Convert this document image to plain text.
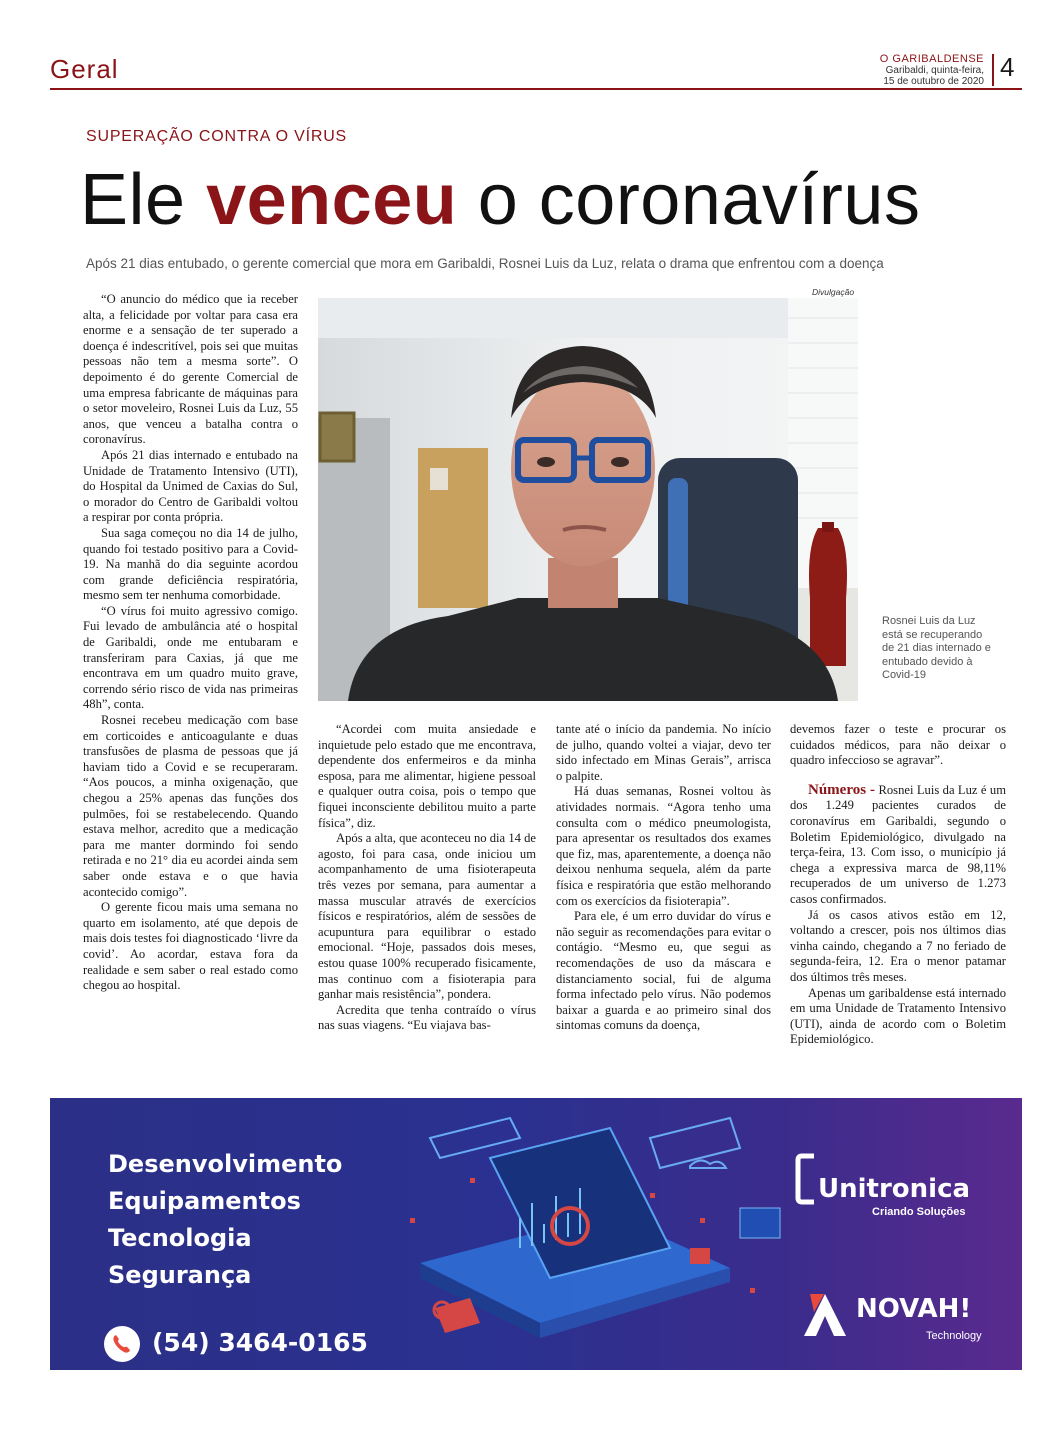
Geral	O GARIBALDENSE
Garibaldi, quinta-feira,
15 de outubro de 2020 4
SUPERAÇÃO CONTRA O VÍRUS
Ele venceu o coronavírus
Após 21 dias entubado, o gerente comercial que mora em Garibaldi, Rosnei Luis da Luz, relata o drama que enfrentou com a doença
Divulgação
Rosnei Luis da Luz está se recuperando de 21 dias internado e entubado devido à Covid-19

“O anuncio do médico que ia receber alta, a felicidade por voltar para casa era enorme e a sensação de ter superado a doença é indescritível, pois sei que muitas pessoas não tem a mesma sorte”. O depoimento é do gerente Comercial de uma empresa fabricante de máquinas para o setor moveleiro, Rosnei Luis da Luz, 55 anos, que venceu a batalha contra o coronavírus.

Após 21 dias internado e entubado na Unidade de Tratamento Intensivo (UTI), do Hospital da Unimed de Caxias do Sul, o morador do Centro de Garibaldi voltou a respirar por conta própria.

Sua saga começou no dia 14 de julho, quando foi testado positivo para a Covid-19. Na manhã do dia seguinte acordou com grande deficiência respiratória, mesmo sem ter nenhuma comorbidade.

“O vírus foi muito agressivo comigo. Fui levado de ambulância até o hospital de Garibaldi, onde me entubaram e transferiram para Caxias, já que me encontrava em um quadro muito grave, correndo sério risco de vida nas primeiras 48h”, conta.

Rosnei recebeu medicação com base em corticoides e anticoagulante e duas transfusões de plasma de pessoas que já haviam tido a Covid e se recuperaram. “Aos poucos, a minha oxigenação, que chegou a 25% apenas das funções dos pulmões, foi se restabelecendo. Quando estava melhor, acredito que a medicação para me manter dormindo foi sendo retirada e no 21° dia eu acordei ainda sem saber onde estava e o que havia acontecido comigo”.

O gerente ficou mais uma semana no quarto em isolamento, até que depois de mais dois testes foi diagnosticado ‘livre da covid’. Ao acordar, estava fora da realidade e sem saber o real estado como chegou ao hospital.

“Acordei com muita ansiedade e inquietude pelo estado que me encontrava, dependente dos enfermeiros e da minha esposa, para me alimentar, higiene pessoal e qualquer outra coisa, pois o tempo que fiquei inconsciente debilitou muito a parte física”, diz.

Após a alta, que aconteceu no dia 14 de agosto, foi para casa, onde iniciou um acompanhamento de uma fisioterapeuta três vezes por semana, para aumentar a massa muscular através de exercícios físicos e respiratórios, além de sessões de acupuntura para equilibrar o estado emocional. “Hoje, passados dois meses, estou quase 100% recuperado fisicamente, mas continuo com a fisioterapia para ganhar mais resistência”, pondera.

Acredita que tenha contraído o vírus nas suas viagens. “Eu viajava bas-

tante até o início da pandemia. No início de julho, quando voltei a viajar, devo ter sido infectado em Minas Gerais”, arrisca o palpite.

Há duas semanas, Rosnei voltou às atividades normais. “Agora tenho uma consulta com o médico pneumologista, para apresentar os resultados dos exames que fiz, mas, aparentemente, a doença não deixou nenhuma sequela, além da parte física e respiratória que estão melhorando com os exercícios da fisioterapia”.

Para ele, é um erro duvidar do vírus e não seguir as recomendações para evitar o contágio. “Mesmo eu, que segui as recomendações de uso da máscara e distanciamento social, fui de alguma forma infectado pelo vírus. Não podemos baixar a guarda e ao primeiro sinal dos sintomas comuns da doença,

devemos fazer o teste e procurar os cuidados médicos, para não deixar o quadro infeccioso se agravar”.

Números - Rosnei Luis da Luz é um dos 1.249 pacientes curados de coronavírus em Garibaldi, segundo o Boletim Epidemiológico, divulgado na terça-feira, 13. Com isso, o município já chega a expressiva marca de 98,11% recuperados de um universo de 1.273 casos confirmados.

Já os casos ativos estão em 12, voltando a crescer, pois nos últimos dias vinha caindo, chegando a 7 no feriado de segunda-feira, 12. Era o menor patamar dos últimos três meses.

Apenas um garibaldense está internado em uma Unidade de Tratamento Intensivo (UTI), ainda de acordo com o Boletim Epidemiológico.

Desenvolvimento
Equipamentos
Tecnologia
Segurança
(54) 3464-0165
Unitronica
Criando Soluções
NOVAH!
Technology
